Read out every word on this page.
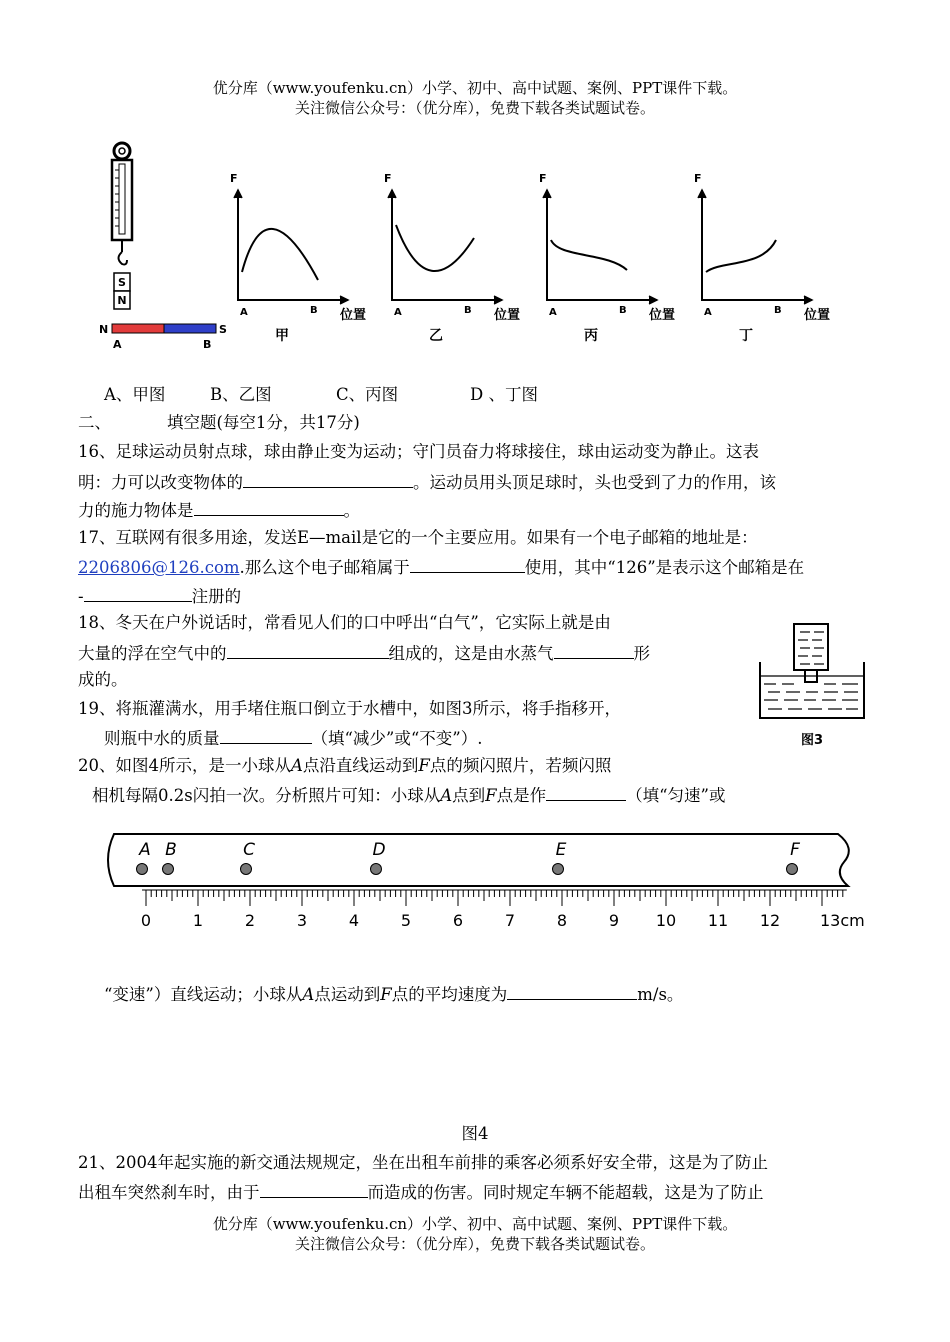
优分库（www.youfenku.cn）小学、初中、高中试题、案例、PPT课件下载。
关注微信公众号：（优分库），免费下载各类试题试卷。
S
N
N	S
A	B
F
A	B 位置
甲
F
A	B 位置
乙
F
A	B 位置
丙
F
A	B 位置
丁
A、甲图	B、乙图	C、丙图	D 、丁图
二、	填空题(每空1分，共17分)
16、足球运动员射点球，球由静止变为运动；守门员奋力将球接住，球由运动变为静止。这表
明：力可以改变物体的	。运动员用头顶足球时，头也受到了力的作用，该
力的施力物体是	。
17、互联网有很多用途，发送E—mail是它的一个主要应用。如果有一个电子邮箱的地址是：
2206806@126.com.那么这个电子邮箱属于	使用，其中“126”是表示这个邮箱是在
-	注册的
18、冬天在户外说话时，常看见人们的口中呼出“白气”，它实际上就是由
大量的浮在空气中的	组成的，这是由水蒸气	形
成的。
图3
19、将瓶灌满水，用手堵住瓶口倒立于水槽中，如图3所示，将手指移开，
则瓶中水的质量	（填“减少”或“不变”）.
20、如图4所示，是一小球从A点沿直线运动到F点的频闪照片，若频闪照
相机每隔0.2s闪拍一次。分析照片可知：小球从A点到F点是作	（填“匀速”或
A B	C	D	E	F
0	1	2	3	4	5	6	7	8	9 10 11 12 13cm
“变速”）直线运动；小球从A点运动到F点的平均速度为	m/s。
图4
21、2004年起实施的新交通法规规定，坐在出租车前排的乘客必须系好安全带，这是为了防止
出租车突然刹车时，由于	而造成的伤害。同时规定车辆不能超载，这是为了防止
优分库（www.youfenku.cn）小学、初中、高中试题、案例、PPT课件下载。
关注微信公众号：（优分库），免费下载各类试题试卷。
